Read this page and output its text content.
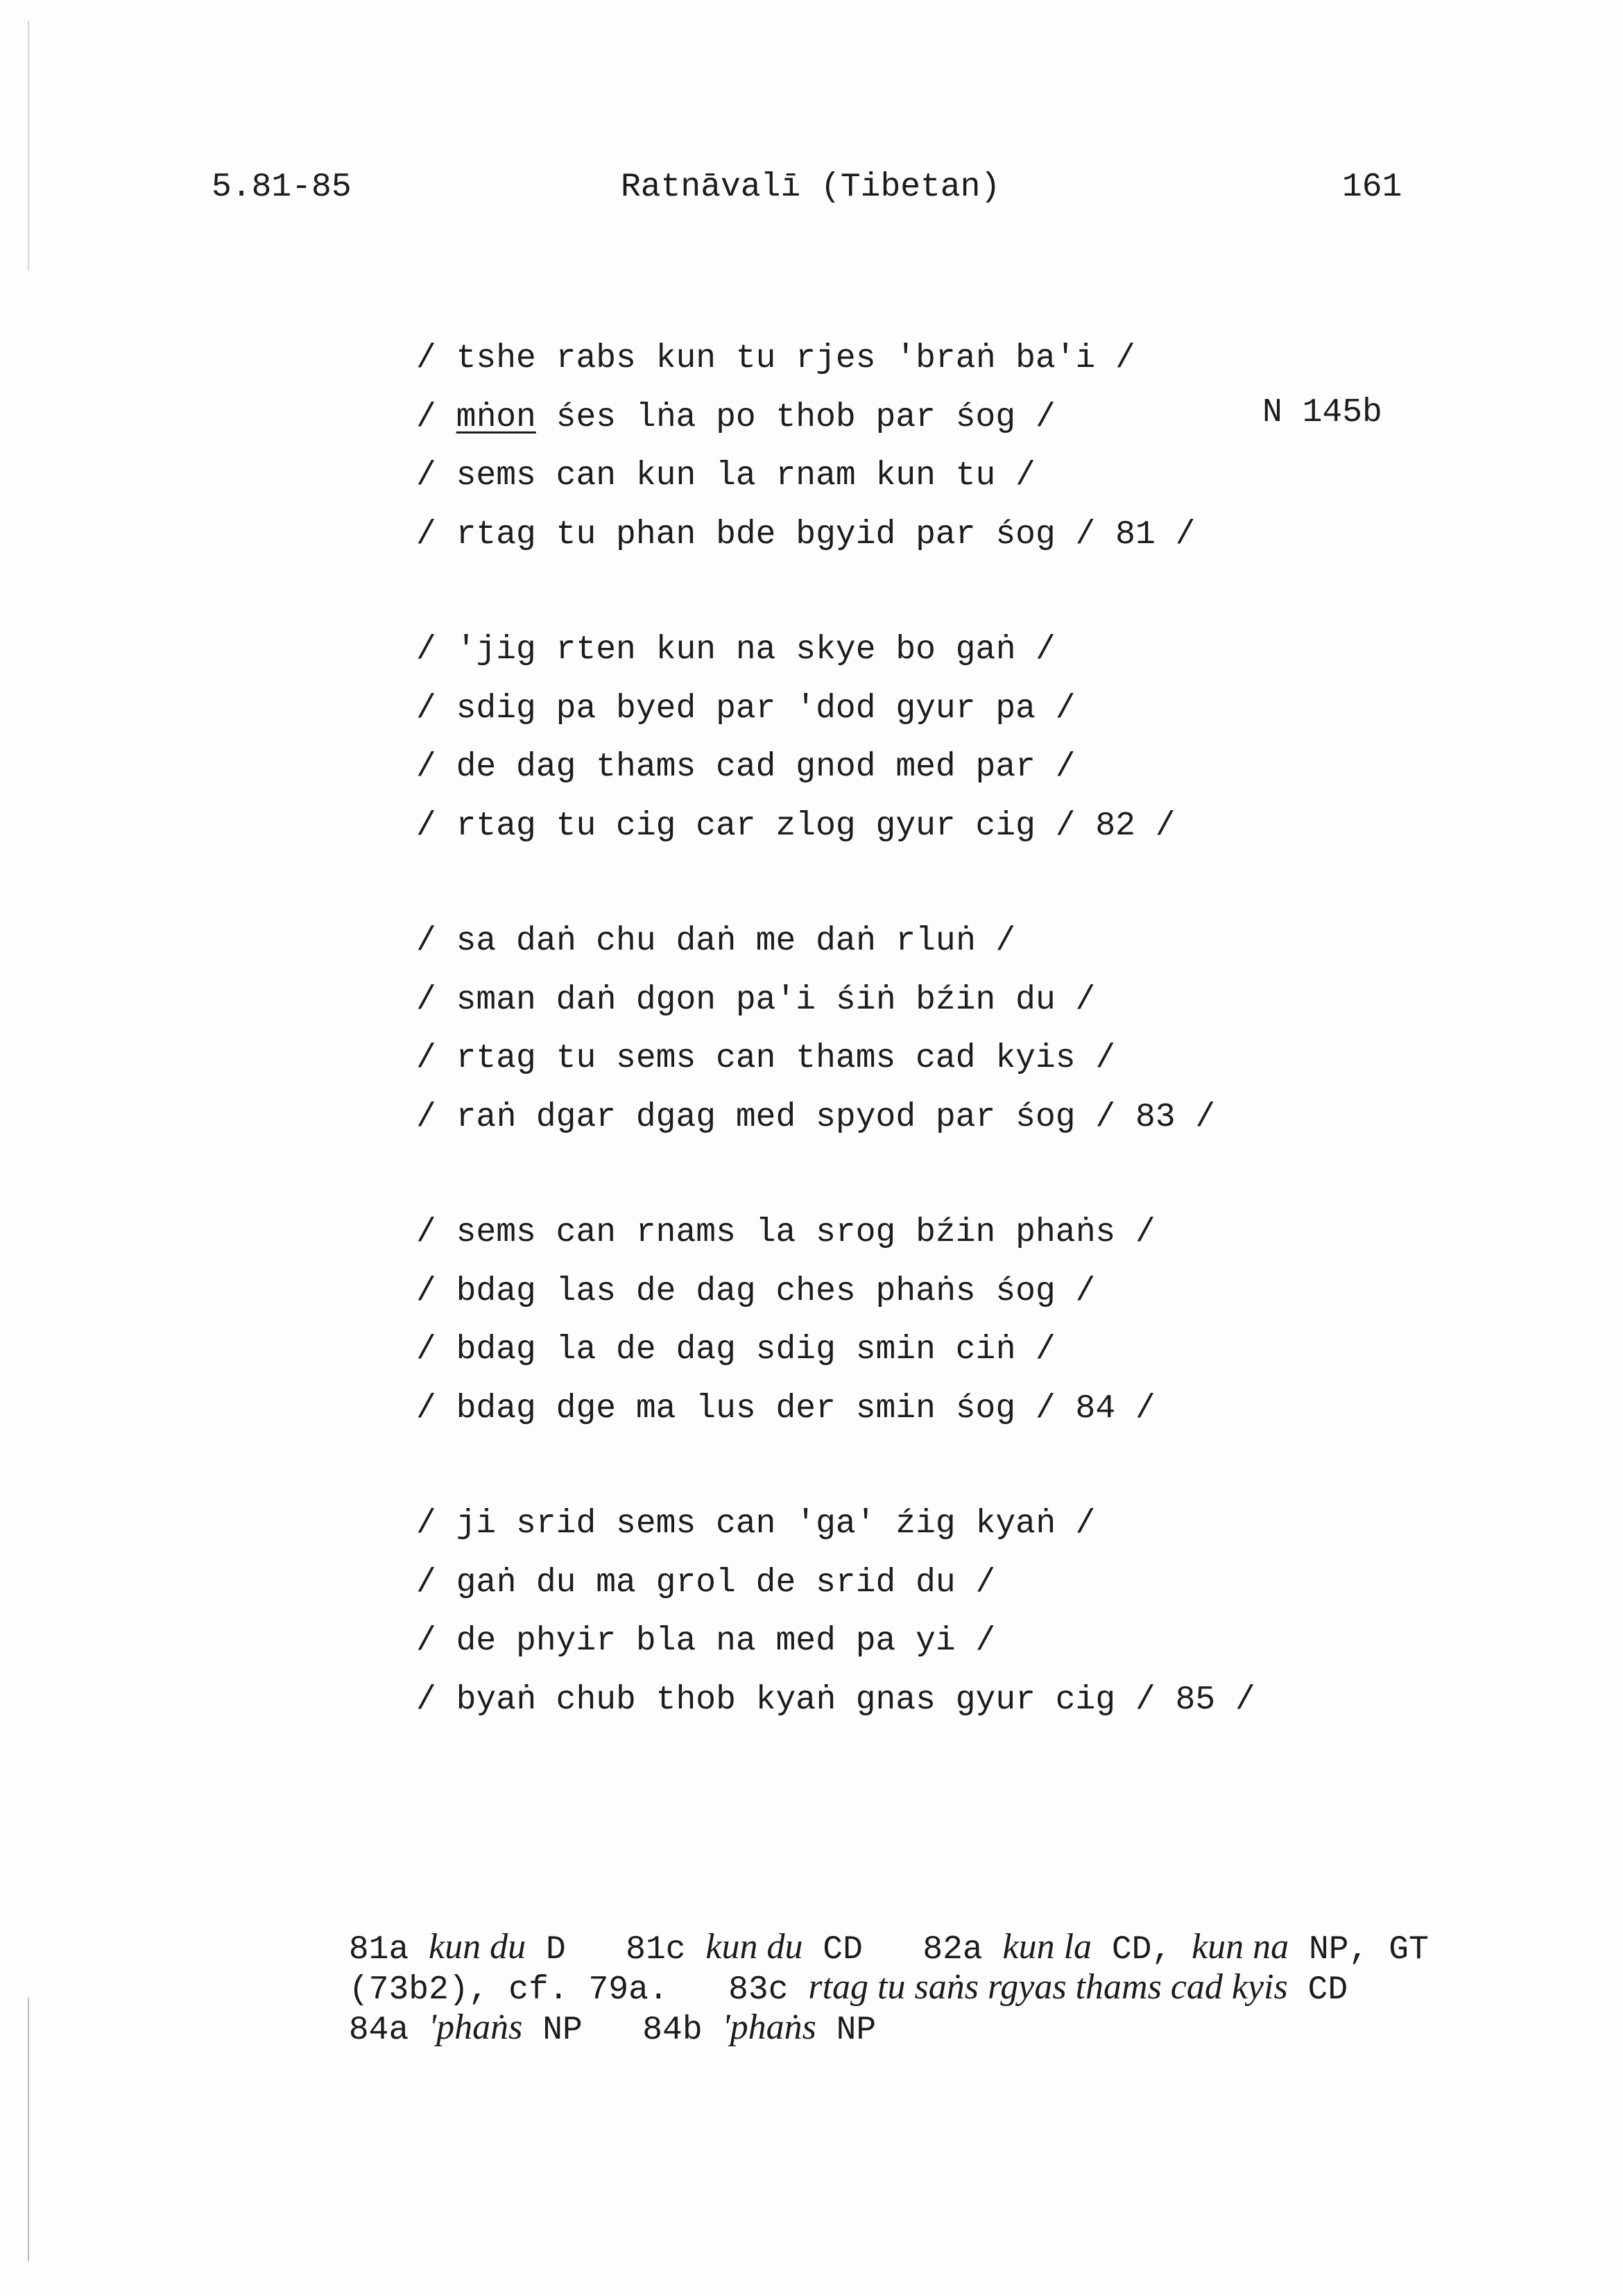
5.81-85	Ratnāvalī (Tibetan)	161
N 145b
/ tshe rabs kun tu rjes 'braṅ ba'i /
/ mṅon śes lṅa po thob par śog /
/ sems can kun la rnam kun tu /
/ rtag tu phan bde bgyid par śog / 81 /
/ 'jig rten kun na skye bo gaṅ /
/ sdig pa byed par 'dod gyur pa /
/ de dag thams cad gnod med par /
/ rtag tu cig car zlog gyur cig / 82 /
/ sa daṅ chu daṅ me daṅ rluṅ /
/ sman daṅ dgon pa'i śiṅ bźin du /
/ rtag tu sems can thams cad kyis /
/ raṅ dgar dgag med spyod par śog / 83 /
/ sems can rnams la srog bźin phaṅs /
/ bdag las de dag ches phaṅs śog /
/ bdag la de dag sdig smin ciṅ /
/ bdag dge ma lus der smin śog / 84 /
/ ji srid sems can 'ga' źig kyaṅ /
/ gaṅ du ma grol de srid du /
/ de phyir bla na med pa yi /
/ byaṅ chub thob kyaṅ gnas gyur cig / 85 /

81a kun du D   81c kun du CD   82a kun la CD, kun na NP, GT

(73b2), cf. 79a.   83c rtag tu saṅs rgyas thams cad kyis CD

84a 'phaṅs NP   84b 'phaṅs NP
